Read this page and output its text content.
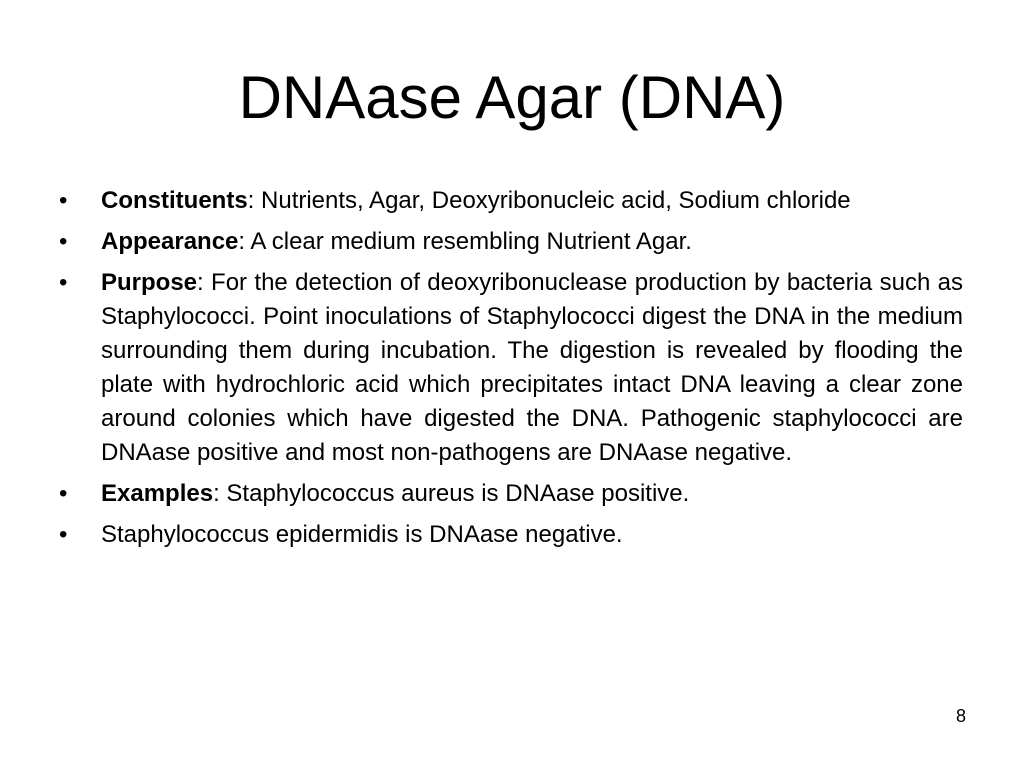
DNAase Agar (DNA)
•	Constituents: Nutrients, Agar, Deoxyribonucleic acid, Sodium chloride
•	Appearance: A clear medium resembling Nutrient Agar.
•	Purpose: For the detection of deoxyribonuclease production by bacteria such as Staphylococci. Point inoculations of Staphylococci digest the DNA in the medium surrounding them during incubation. The digestion is revealed by flooding the plate with hydrochloric acid which precipitates intact DNA leaving a clear zone around colonies which have digested the DNA. Pathogenic staphylococci are DNAase positive and most non-pathogens are DNAase negative.
•	Examples: Staphylococcus aureus is DNAase positive.
•	Staphylococcus epidermidis is DNAase negative.
8
